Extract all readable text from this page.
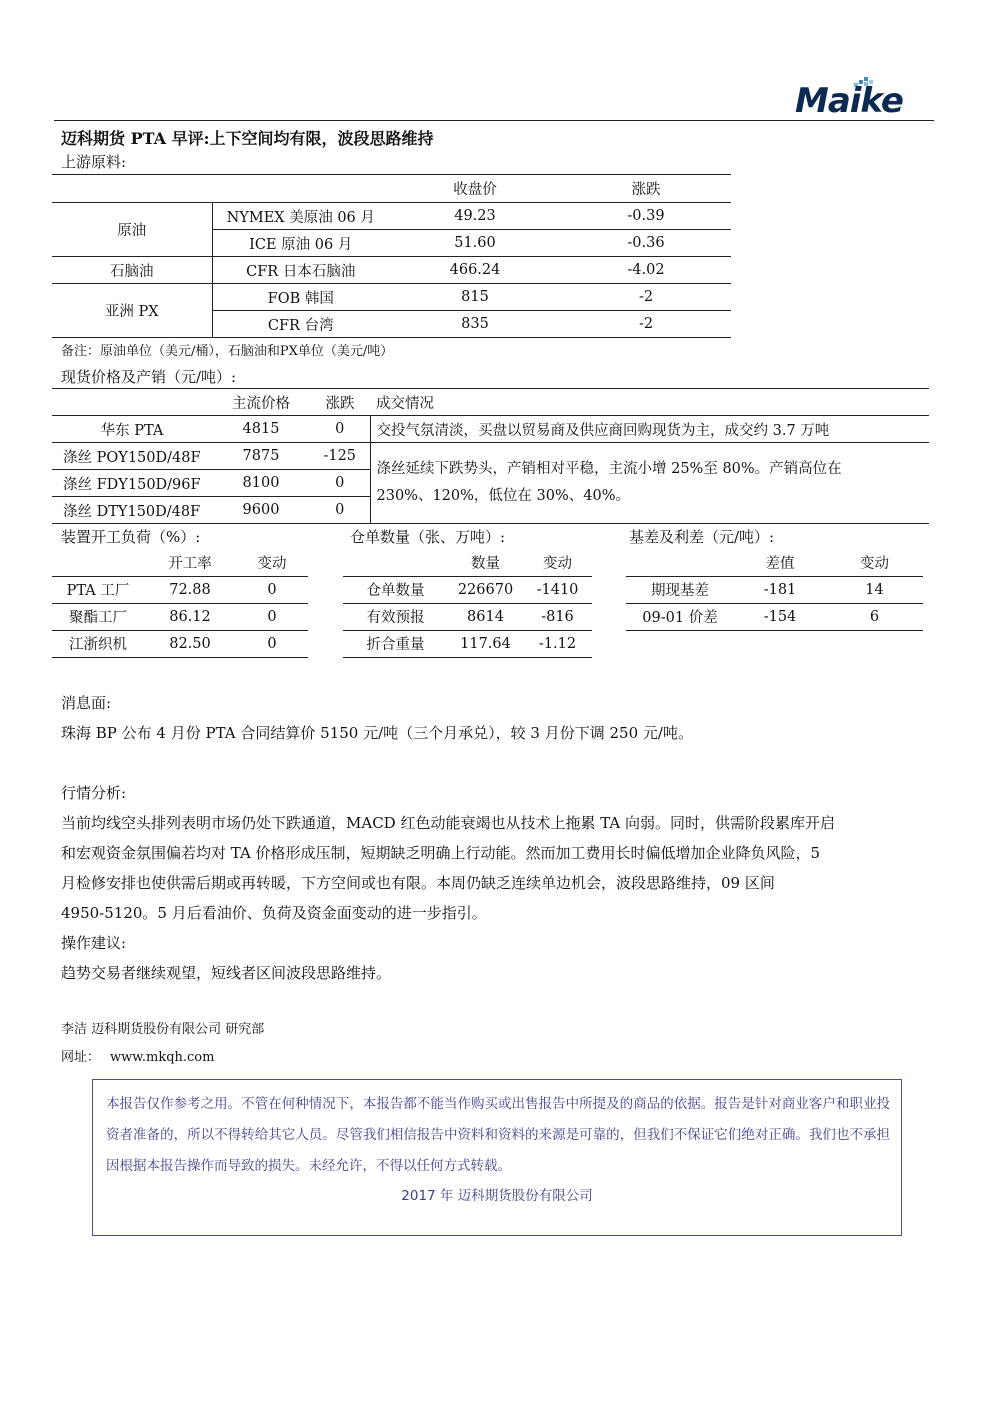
Maike
迈科期货 PTA 早评:上下空间均有限，波段思路维持
上游原料:
		收盘价	涨跌
原油	NYMEX 美原油 06 月	49.23	-0.39
	ICE 原油 06 月	51.60	-0.36
石脑油	CFR 日本石脑油	466.24	-4.02
亚洲 PX	FOB 韩国	815	-2
	CFR 台湾	835	-2
备注：原油单位（美元/桶），石脑油和PX单位（美元/吨）
现货价格及产销（元/吨）:
	主流价格	涨跌	成交情况
华东 PTA	4815	0	交投气氛清淡，买盘以贸易商及供应商回购现货为主，成交约 3.7 万吨
涤丝 POY150D/48F	7875	-125	涤丝延续下跌势头，产销相对平稳，主流小增 25%至 80%。产销高位在
230%、120%，低位在 30%、40%。

涤丝 FDY150D/96F	8100	0	
涤丝 DTY150D/48F	9600	0	
装置开工负荷（%）:
	开工率	变动
PTA 工厂	72.88	0
聚酯工厂	86.12	0
江浙织机	82.50	0
仓单数量（张、万吨）:
	数量	变动
仓单数量	226670	-1410
有效预报	8614	-816
折合重量	117.64	-1.12
基差及利差（元/吨）:
	差值	变动
期现基差	-181	14
09-01 价差	-154	6
消息面:
珠海 BP 公布 4 月份 PTA 合同结算价 5150 元/吨（三个月承兑），较 3 月份下调 250 元/吨。
行情分析:
当前均线空头排列表明市场仍处下跌通道，MACD 红色动能衰竭也从技术上拖累 TA 向弱。同时，供需阶段累库开启
和宏观资金氛围偏若均对 TA 价格形成压制，短期缺乏明确上行动能。然而加工费用长时偏低增加企业降负风险，5
月检修安排也使供需后期或再转暖，下方空间或也有限。本周仍缺乏连续单边机会，波段思路维持，09 区间
4950-5120。5 月后看油价、负荷及资金面变动的进一步指引。
操作建议:
趋势交易者继续观望，短线者区间波段思路维持。
李洁 迈科期货股份有限公司 研究部
网址： www.mkqh.com
本报告仅作参考之用。不管在何种情况下，本报告都不能当作购买或出售报告中所提及的商品的依据。报告是针对商业客户和职业投资者准备的，所以不得转给其它人员。尽管我们相信报告中资料和资料的来源是可靠的，但我们不保证它们绝对正确。我们也不承担因根据本报告操作而导致的损失。未经允许，不得以任何方式转载。
2017 年 迈科期货股份有限公司
